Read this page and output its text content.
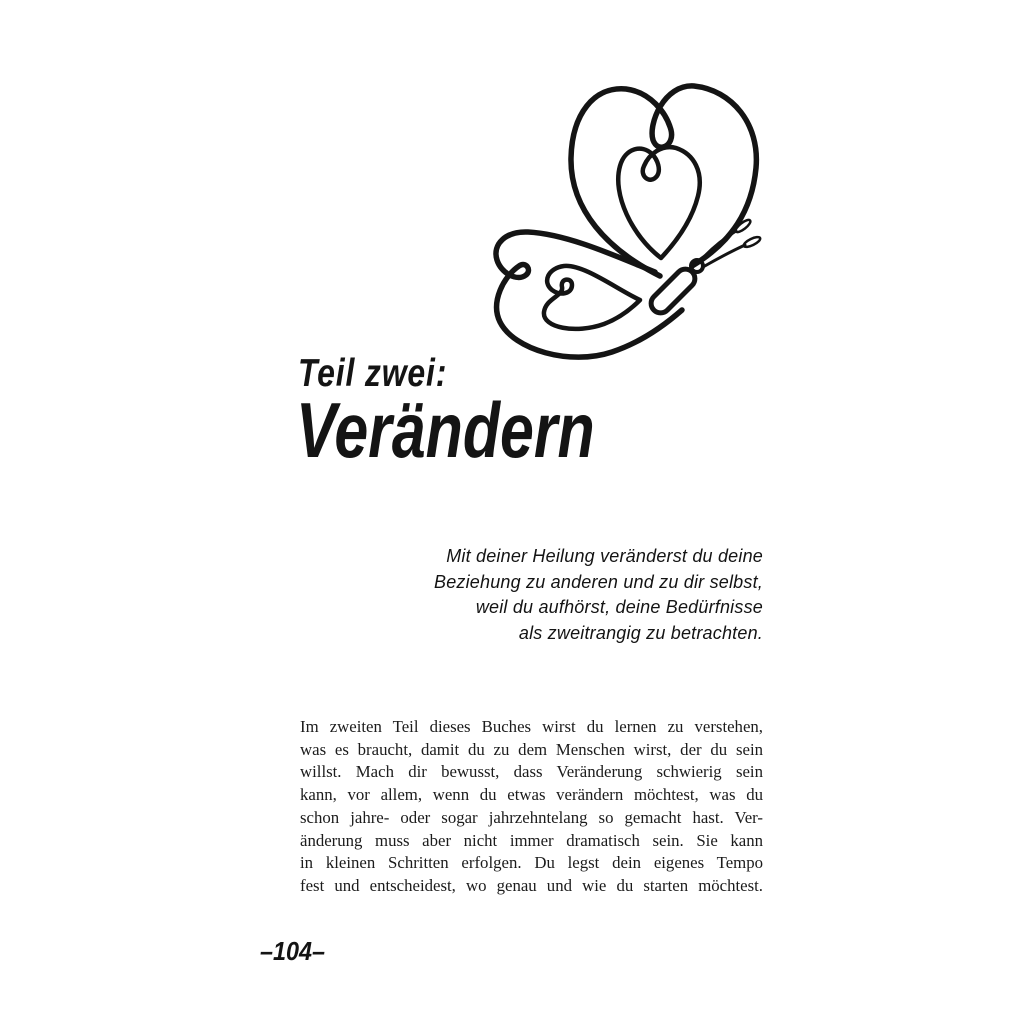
Teil zwei:
Verändern
Mit deiner Heilung veränderst du deine
Beziehung zu anderen und zu dir selbst,
weil du aufhörst, deine Bedürfnisse
als zweitrangig zu betrachten.
Im zweiten Teil dieses Buches wirst du lernen zu verstehen,
was es braucht, damit du zu dem Menschen wirst, der du sein
willst. Mach dir bewusst, dass Veränderung schwierig sein
kann, vor allem, wenn du etwas verändern möchtest, was du
schon jahre- oder sogar jahrzehntelang so gemacht hast. Ver-
änderung muss aber nicht immer dramatisch sein. Sie kann
in kleinen Schritten erfolgen. Du legst dein eigenes Tempo
fest und entscheidest, wo genau und wie du starten möchtest.
–104–
